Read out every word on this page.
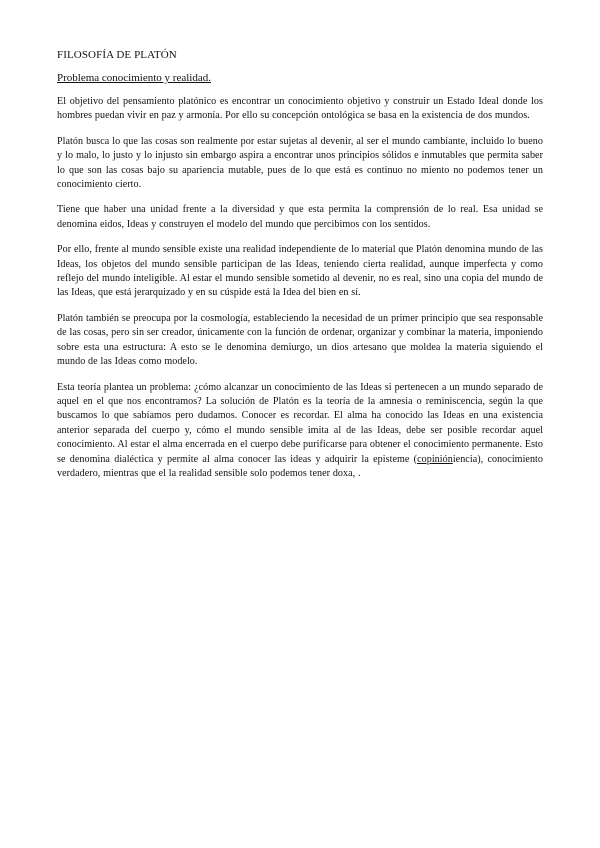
FILOSOFÍA DE PLATÓN
Problema conocimiento y realidad.

El objetivo del pensamiento platónico es encontrar un conocimiento objetivo y construir un Estado Ideal donde los hombres puedan vivir en paz y armonía. Por ello su concepción ontológica se basa en la existencia de dos mundos.

Platón busca lo que las cosas son realmente por estar sujetas al devenir, al ser el mundo cambiante, incluido lo bueno y lo malo, lo justo y lo injusto sin embargo aspira a encontrar unos principios sólidos e inmutables que permita saber lo que son las cosas bajo su apariencia mutable, pues de lo que está es continuo no miento no podemos tener un conocimiento cierto.

Tiene que haber una unidad frente a la diversidad y que esta permita la comprensión de lo real. Esa unidad se denomina eidos, Ideas y construyen el modelo del mundo que percibimos con los sentidos.

Por ello, frente al mundo sensible existe una realidad independiente de lo material que Platón denomina mundo de las Ideas, los objetos del mundo sensible participan de las Ideas, teniendo cierta realidad, aunque imperfecta y como reflejo del mundo inteligible. Al estar el mundo sensible sometido al devenir, no es real, sino una copia del mundo de las Ideas, que está jerarquizado y en su cúspide está la Idea del bien en sí.

Platón también se preocupa por la cosmología, estableciendo la necesidad de un primer principio que sea responsable de las cosas, pero sin ser creador, únicamente con la función de ordenar, organizar y combinar la materia, imponiendo sobre esta una estructura: A esto se le denomina demiurgo, un dios artesano que moldea la materia siguiendo el mundo de las Ideas como modelo.

Esta teoría plantea un problema: ¿cómo alcanzar un conocimiento de las Ideas si pertenecen a un mundo separado de aquel en el que nos encontramos? La solución de Platón es la teoría de la amnesia o reminiscencia, según la que buscamos lo que sabíamos pero dudamos. Conocer es recordar. El alma ha conocido las Ideas en una existencia anterior separada del cuerpo y, cómo el mundo sensible imita al de las Ideas, debe ser posible recordar aquel conocimiento. Al estar el alma encerrada en el cuerpo debe purificarse para obtener el conocimiento permanente. Esto se denomina dialéctica y permite al alma conocer las ideas y adquirir la episteme (copinióniencia), conocimiento verdadero, mientras que el la realidad sensible solo podemos tener doxa, .
